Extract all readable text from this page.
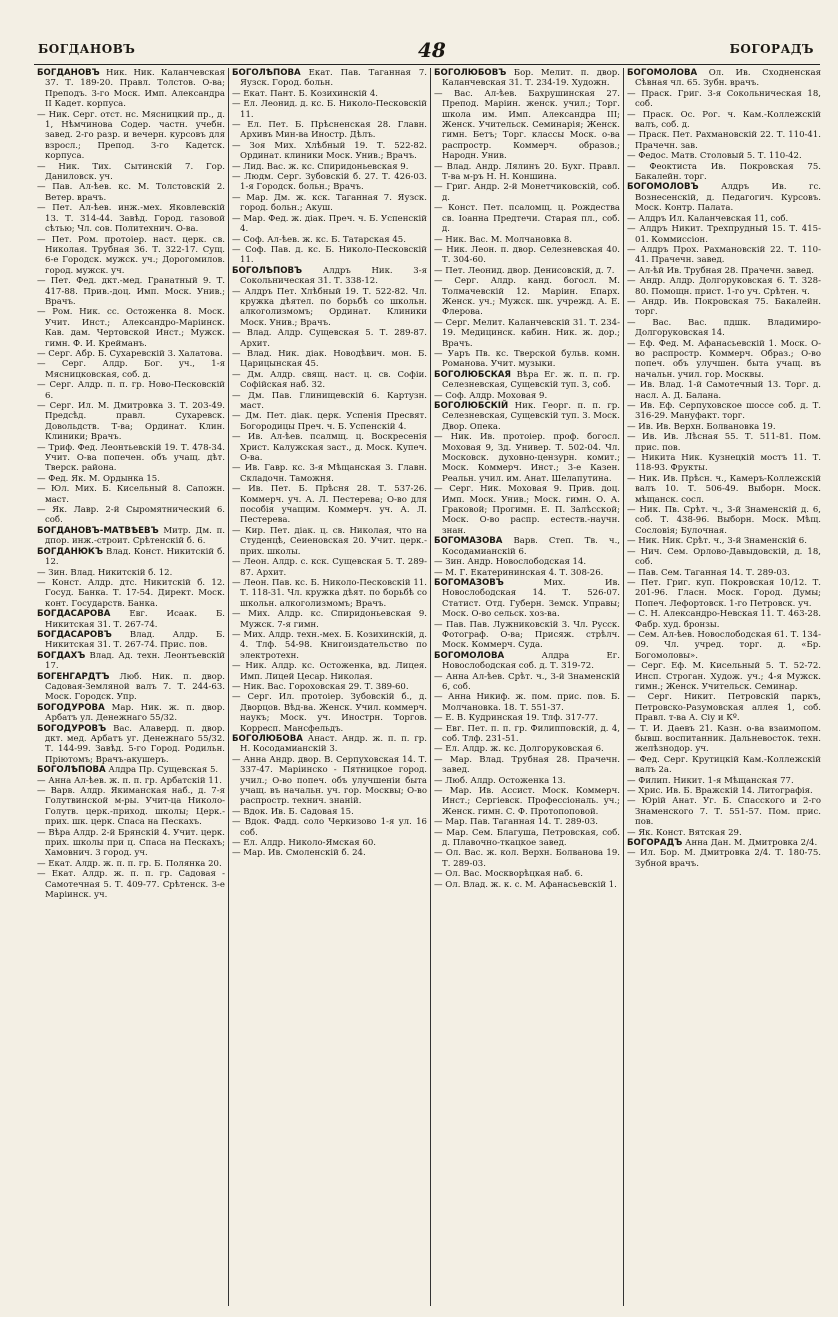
БОГДАНОВЪ	48	БОГОРАДЪ
БОГДАНОВЪ Ник. Ник. Каланчевская 37. Т. 189-20. Правл. Толстов. О-ва; Преподъ. 3-го Моск. Имп. Александра II Кадет. корпуса.
— Ник. Серг. отст. нс. Мясницкий пр., д. 1, Нѣмчинова Содер. частн. учебн. завед. 2-го разр. и вечерн. курсовъ для взросл.; Препод. 3-го Кадетск. корпуса.
— Ник. Тих. Сытинскій 7. Гор. Даниловск. уч.
— Пав. Ал-ѣев. кс. М. Толстовскій 2. Ветер. врачъ.
— Пет. Ал-ѣев. инж.-мех. Яковлевскій 13. Т. 314-44. Завѣд. Город. газовой сѣтью; Чл. сов. Политехнич. О-ва.
— Пет. Ром. протоіер. наст. церк. св. Николая. Трубная 36. Т. 322-17. Сущ. 6-е Городск. мужск. уч.; Дорогомилов. город. мужск. уч.
— Пет. Фед. дкт.-мед. Гранатный 9. Т. 417-88. Прив.-доц. Имп. Моск. Унив.; Врачъ.
— Ром. Ник. сс. Остоженка 8. Моск. Учит. Инст.; Александро-Маріинск. Кав. дам. Чертовской Инст.; Мужск. гимн. Ф. И. Крейманъ.
— Серг. Абр. Б. Сухаревскій 3. Халатова.
— Серг. Алдр. Бог. уч., 1-я Мясницковская, соб. д.
— Серг. Алдр. п. п. гр. Ново-Песковскій 6.
— Серг. Ил. М. Дмитровка 3. Т. 203-49. Предсѣд. правл. Сухаревск. Довольдств. Т-ва; Ординат. Клин. Клиники; Врачъ.
— Триф. Фед. Леонтьевскій 19. Т. 478-34. Учит. О-ва попечен. объ учащ. дѣт. Тверск. района.
— Фед. Як. М. Ордынка 15.
— Юл. Мих. Б. Кисельный 8. Сапожн. маст.
— Як. Лавр. 2-й Сыромятнический 6. соб.
БОГДАНОВЪ-МАТВѢЕВЪ Митр. Дм. п. дпор. инж.-строит. Срѣтенскій б. 6.
БОГДАНЮКЪ Влад. Конст. Никитскій б. 12.
— Зин. Влад. Никитскій б. 12.
— Конст. Алдр. дтс. Никитскій б. 12. Госуд. Банка. Т. 17-54. Директ. Моск. конт. Государств. Банка.
БОГДАСАРОВА Евг. Исаак. Б. Никитская 31. Т. 267-74.
БОГДАСАРОВЪ Влад. Алдр. Б. Никитская 31. Т. 267-74. Прис. пов.
БОГДАХЪ Влад. Ад. техн. Леонтьевскій 17.
БОГЕНГАРДТЪ Люб. Ник. п. двор. Садовая-Земляной валъ 7. Т. 244-63. Моск. Городск. Упр.
БОГОДУРОВА Мар. Ник. ж. п. двор. Арбатъ ул. Денежнаго 55/32.
БОГОДУРОВЪ Вас. Алаверд. п. двор. дкт. мед. Арбатъ уг. Денежнаго 55/32. Т. 144-99. Завѣд. 5-го Город. Родильн. Пріютомъ; Врачъ-акушеръ.
БОГОЛѢПОВА Алдра Пр. Сущевская 5.
— Анна Ал-ѣев. ж. п. п. гр. Арбатскій 11.
— Варв. Алдр. Якиманская наб., д. 7-я Голутвинской м-ры. Учит-ца Николо-Голутв. церк.-приход. школы; Церк.-прих. шк. церк. Спаса на Пескахъ.
— Вѣра Алдр. 2-й Брянскій 4. Учит. церк. прих. школы при ц. Спаса на Пескахъ; Хамовнич. 3 город. уч.
— Екат. Алдр. ж. п. п. гр. Б. Полянка 20.
— Екат. Алдр. ж. п. п. гр. Садовая - Самотечная 5. Т. 409-77. Срѣтенск. 3-е Маріинск. уч.
БОГОЛѢПОВА Екат. Пав. Таганная 7. Яузск. Город. больн.
— Екат. Пант. Б. Козихинскій 4.
— Ел. Леонид. д. кс. Б. Николо-Песковскій 11.
— Ел. Пет. Б. Прѣсненская 28. Главн. Архивъ Мин-ва Иностр. Дѣлъ.
— Зоя Мих. Хлѣбный 19. Т. 522-82. Ординат. клиники Моск. Унив.; Врачъ.
— Лид. Вас. ж. кс. Спиридоньевская 9.
— Людм. Серг. Зубовскій б. 27. Т. 426-03. 1-я Городск. больн.; Врачъ.
— Мар. Дм. ж. кск. Таганная 7. Яузск. город. больн.; Акуш.
— Мар. Фед. ж. діак. Преч. ч. Б. Успенскій 4.
— Соф. Ал-ѣев. ж. кс. Б. Татарская 45.
— Соф. Пав. д. кс. Б. Николо-Песковскій 11.
БОГОЛѢПОВЪ Алдръ Ник. 3-я Сокольническая 31. Т. 338-12.
— Алдръ Пет. Хлѣбный 19. Т. 522-82. Чл. кружка дѣятел. по борьбѣ со школьн. алкоголизмомъ; Ординат. Клиники Моск. Унив.; Врачъ.
— Влад. Алдр. Сущевская 5. Т. 289-87. Архит.
— Влад. Ник. діак. Новодѣвич. мон. Б. Царицынская 45.
— Дм. Алдр. свящ. наст. ц. св. Софіи. Софійская наб. 32.
— Дм. Пав. Глинищевскій 6. Картузн. маст.
— Дм. Пет. діак. церк. Успенія Пресвят. Богородицы Преч. ч. Б. Успенскій 4.
— Ив. Ал-ѣев. псалмщ. ц. Воскресенія Христ. Калужская заст., д. Моск. Купеч. О-ва.
— Ив. Гавр. кс. 3-я Мѣщанская 3. Главн. Складочн. Таможня.
— Ив. Пет. Б. Прѣсня 28. Т. 537-26. Коммерч. уч. А. Л. Пестерева; О-во для пособія учащим. Коммерч. уч. А. Л. Пестерева.
— Кир. Пет. діак. ц. св. Николая, что на Студенцѣ, Сеиеновская 20. Учит. церк.-прих. школы.
— Леон. Алдр. с. кск. Сущевская 5. Т. 289-87. Архит.
— Леон. Пав. кс. Б. Николо-Песковскій 11. Т. 118-31. Чл. кружка дѣят. по борьбѣ со школьн. алкоголизмомъ; Врачъ.
— Мих. Алдр. кс. Спиридоньевская 9. Мужск. 7-я гимн.
— Мих. Алдр. техн.-мех. Б. Козихинскій, д. 4. Тлф. 54-98. Книгоиздательство по электротехн.
— Ник. Алдр. кс. Остоженка, вд. Лицея. Имп. Лицей Цесар. Николая.
— Ник. Вас. Гороховская 29. Т. 389-60.
— Серг. Ил. протоіер. Зубовскій б., д. Дворцов. Вѣд-ва. Женск. Учил. коммерч. наукъ; Моск. уч. Инострн. Торгов. Корресп. Мансфельдъ.
БОГОЛЮБОВА Анаст. Андр. ж. п. п. гр. Н. Косодамианскій 3.
— Анна Андр. двор. В. Серпуховская 14. Т. 337-47. Маріинско - Пятницкое город. учил.; О-во попеч. объ улучшеніи быта учащ. въ начальн. уч. гор. Москвы; О-во распростр. технич. знаній.
— Вдок. Ив. Б. Садовая 15.
— Вдок. Фадд. соло Черкизово 1-я ул. 16 соб.
— Ел. Алдр. Николо-Ямская 60.
— Мар. Ив. Смоленскій б. 24.
БОГОЛЮБОВЪ Бор. Мелит. п. двор. Каланчевская 31. Т. 234-19. Художн.
— Вас. Ал-ѣев. Бахрушинская 27. Препод. Маріин. женск. учил.; Торг. школа им. Имп. Александра III; Женск. Учительск. Семинарія; Женск. гимн. Бетъ; Торг. классы Моск. о-ва распростр. Коммерч. образов.; Народн. Унив.
— Влад. Андр. Лялинъ 20. Бухг. Правл. Т-ва м-ръ Н. Н. Коншина.
— Григ. Андр. 2-й Монетчиковскій, соб. д.
— Конст. Пет. псаломщ. ц. Рождества св. Іоанна Предтечи. Старая пл., соб. д.
— Ник. Вас. М. Молчановка 8.
— Ник. Леон. п. двор. Селезневская 40. Т. 304-60.
— Пет. Леонид. двор. Денисовскій, д. 7.
— Серг. Алдр. канд. богосл. М. Толмачевскій 12. Маріин. Епарх. Женск. уч.; Мужск. шк. учрежд. А. Е. Флерова.
— Серг. Мелит. Каланчевскій 31. Т. 234-19. Медицинск. кабин. Ник. ж. дор.; Врачъ.
— Уаръ Пв. кс. Тверской бульв. комн. Романова. Учит. музыки.
БОГОЛЮБСКАЯ Вѣра Ег. ж. п. п. гр. Селезневская, Сущевскій туп. 3, соб.
— Соф. Алдр. Моховая 9.
БОГОЛЮБСКІЙ Ник. Георг. п. п. гр. Селезневская, Сущевскій туп. 3. Моск. Двор. Опека.
— Ник. Ив. протоіер. проф. богосл. Моховая 9, Зд. Универ. Т. 502-04. Чл. Московск. духовно-цензурн. комит.; Моск. Коммерч. Инст.; 3-е Казен. Реальн. учил. им. Анат. Шелапутина.
— Серг. Ник. Моховая 9. Прив. доц. Имп. Моск. Унив.; Моск. гимн. О. А. Граковой; Прогимн. Е. П. Залѣсской; Моск. О-во распр. естеств.-научн. знан.
БОГОМАЗОВА Варв. Степ. Тв. ч., Косодамианскій 6.
— Зин. Андр. Новослободская 14.
— М. Г. Екатерининская 4. Т. 308-26.
БОГОМАЗОВЪ Мих. Ив. Новослободская 14. Т. 526-07. Статист. Отд. Губерн. Земск. Управы; Моск. О-во сельск. хоз-ва.
— Пав. Пав. Лужниковскій 3. Чл. Русск. Фотограф. О-ва; Присяж. стрѣлч. Моск. Коммерч. Суда.
БОГОМОЛОВА Алдра Ег. Новослободская соб. д. Т. 319-72.
— Анна Ал-ѣев. Срѣт. ч., 3-й Знаменскій 6, соб.
— Анна Никиф. ж. пом. прис. пов. Б. Молчановка. 18. Т. 551-37.
— Е. В. Кудринская 19. Тлф. 317-77.
— Евг. Пет. п. п. гр. Филипповскій, д. 4, соб. Тлф. 231-51.
— Ел. Алдр. ж. кс. Долгоруковская 6.
— Мар. Влад. Трубная 28. Прачечн. завед.
— Люб. Алдр. Остоженка 13.
— Мар. Ив. Ассист. Моск. Коммерч. Инст.; Сергіевск. Профессіональ. уч.; Женск. гимн. С. Ф. Протопоповой.
— Мар. Пав. Таганная 14. Т. 289-03.
— Мар. Сем. Благуша, Петровская, соб. д. Плавочно-ткацкое завед.
— Ол. Вас. ж. кол. Верхн. Болванова 19. Т. 289-03.
— Ол. Вас. Москворѣцкая наб. 6.
— Ол. Влад. ж. к. с. М. Афанасьевскій 1.
БОГОМОЛОВА Ол. Ив. Сходненская Сѣвная чл. 65. Зубн. врачъ.
— Праск. Григ. 3-я Сокольническая 18, соб.
— Праск. Ос. Рог. ч. Кам.-Коллежскій валъ, соб. д.
— Праск. Пет. Рахмановскій 22. Т. 110-41. Прачечн. зав.
— Федос. Матв. Столовый 5. Т. 110-42.
— Феоктиста Ив. Покровская 75. Бакалейн. торг.
БОГОМОЛОВЪ Алдръ Ив. гс. Вознесенскій, д. Педагогич. Курсовъ. Моск. Контр. Палата.
— Алдръ Ил. Каланчевская 11, соб.
— Алдръ Никит. Трехпрудный 15. Т. 415-01. Коммиссіон.
— Алдръ Прох. Рахмановскій 22. Т. 110-41. Прачечн. завед.
— Ал-ѣй Ив. Трубная 28. Прачечн. завед.
— Андр. Алдр. Долгоруковская 6. Т. 328-80. Помощн. прист. 1-го уч. Срѣтен. ч.
— Андр. Ив. Покровская 75. Бакалейн. торг.
— Вас. Вас. пдшк. Владимиро-Долгоруковская 14.
— Еф. Фед. М. Афанасьевскій 1. Моск. О-во распростр. Коммерч. Образ.; О-во попеч. объ улучшен. быта учащ. въ начальн. учил. гор. Москвы.
— Ив. Влад. 1-й Самотечный 13. Торг. д. насл. А. Д. Балана.
— Ив. Еф. Серпуховское шоссе соб. д. Т. 316-29. Мануфакт. торг.
— Ив. Ив. Верхн. Болвановка 19.
— Ив. Ив. Лѣсная 55. Т. 511-81. Пом. прис. пов.
— Никита Ник. Кузнецкій мостъ 11. Т. 118-93. Фрукты.
— Ник. Ив. Прѣсн. ч., Камеръ-Коллежскій валъ 10. Т. 506-49. Выборн. Моск. мѣщанск. сосл.
— Ник. Пв. Срѣт. ч., 3-й Знаменскій д. 6, соб. Т. 438-96. Выборн. Моск. Мѣщ. Сословія; Булочная.
— Ник. Ник. Срѣт. ч., 3-й Знаменскій 6.
— Нич. Сем. Орлово-Давыдовскій, д. 18, соб.
— Пав. Сем. Таганная 14. Т. 289-03.
— Пет. Григ. куп. Покровская 10/12. Т. 201-96. Гласн. Моск. Город. Думы; Попеч. Лефортовск. 1-го Петровск. уч.
— С. Н. Александро-Невская 11. Т. 463-28. Фабр. худ. бронзы.
— Сем. Ал-ѣев. Новослободская 61. Т. 134-09. Чл. учред. торг. д. «Бр. Богомоловы».
— Серг. Еф. М. Кисельный 5. Т. 52-72. Инсп. Строган. Худож. уч.; 4-я Мужск. гимн.; Женск. Учительск. Семинар.
— Серг. Никит. Петровскій паркъ, Петровско-Разумовская аллея 1, соб. Правл. т-ва А. Сіу и Кº.
— Т. И. Даевъ 21. Казн. о-ва взаимопом. бывш. воспитанник. Дальневосток. техн. желѣзнодор. уч.
— Фед. Серг. Крутицкій Кам.-Коллежскій валъ 2а.
— Филип. Никит. 1-я Мѣщанская 77.
— Хрис. Ив. Б. Вражскій 14. Литографія.
— Юрій Анат. Уг. Б. Спасского и 2-го Знаменского 7. Т. 551-57. Пом. прис. пов.
— Як. Конст. Вятская 29.
БОГОРАДЪ Анна Дан. М. Дмитровка 2/4.
— Ил. Бор. М. Дмитровка 2/4. Т. 180-75. Зубной врачъ.
